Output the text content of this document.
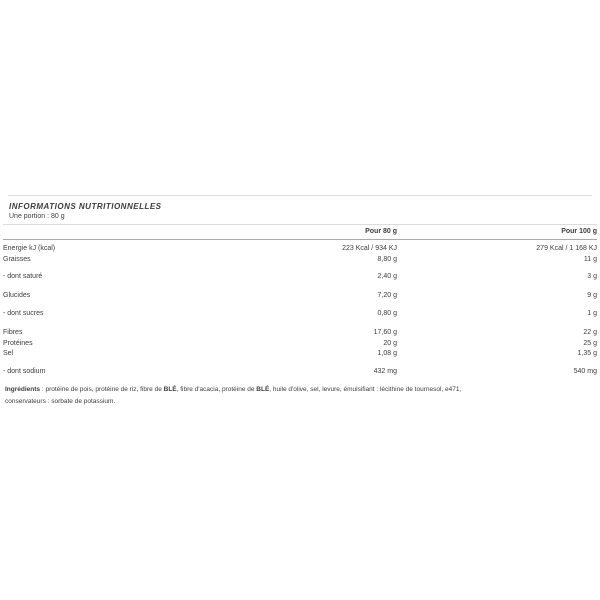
INFORMATIONS NUTRITIONNELLES
Une portion : 80 g
Pour 80 g	Pour 100 g
Energie kJ (kcal)	223 Kcal / 934 KJ	279 Kcal / 1 168 KJ
Graisses	8,80 g	11 g
- dont saturé	2,40 g	3 g
Glucides	7,20 g	9 g
- dont sucres	0,80 g	1 g
Fibres	17,60 g	22 g
Protéines	20 g	25 g
Sel	1,08 g	1,35 g
- dont sodium	432 mg	540 mg

Ingrédients : protéine de pois, protéine de riz, fibre de BLÉ, fibre d'acacia, protéine de BLÉ, huile d'olive, sel, levure, émulsifiant : lécithine de tournesol, e471, conservateurs : sorbate de potassium.
